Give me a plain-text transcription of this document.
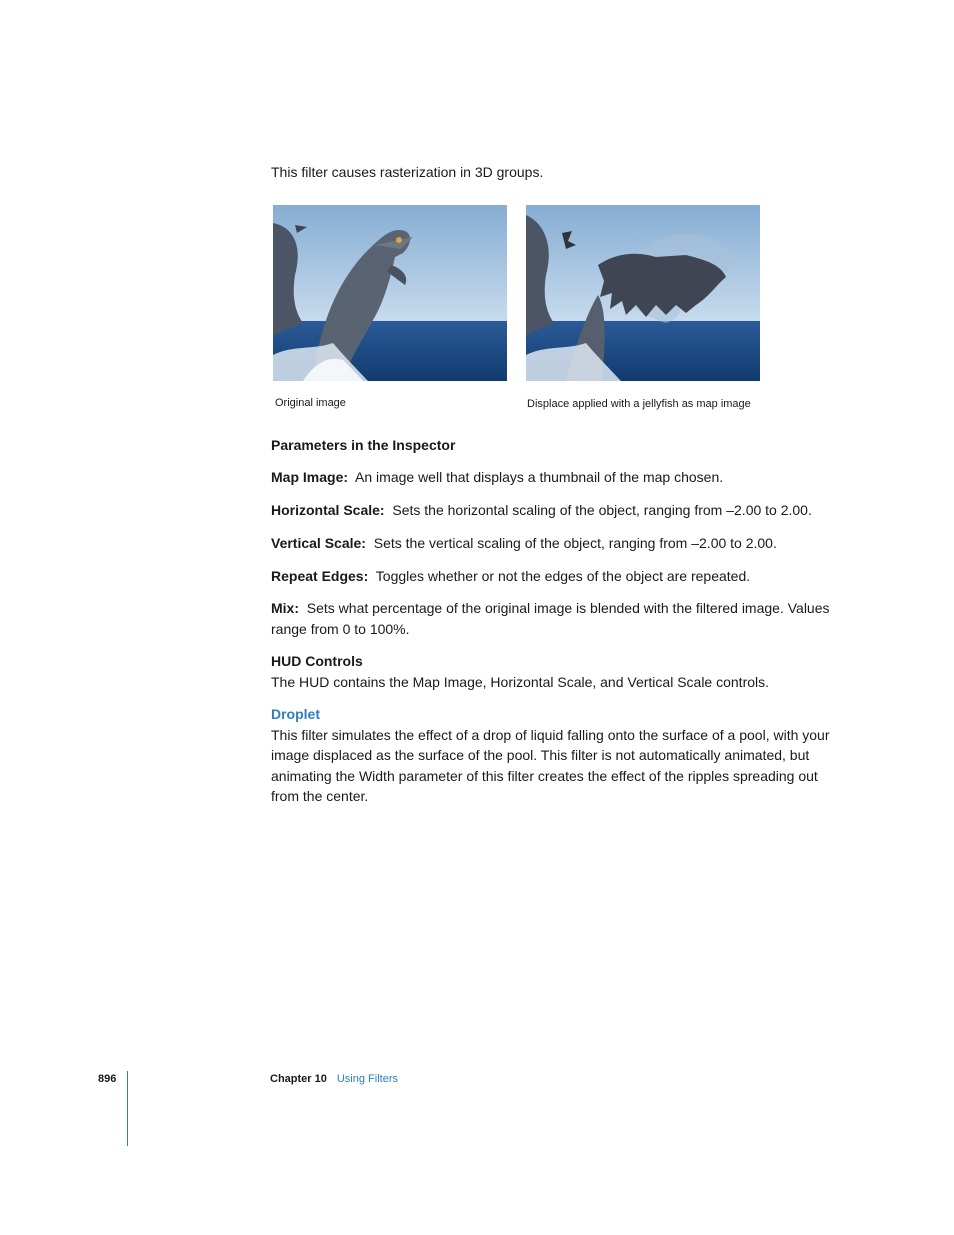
This filter causes rasterization in 3D groups.
Original image	Displace applied with a jellyfish as map image

Parameters in the Inspector

Map Image: An image well that displays a thumbnail of the map chosen.

Horizontal Scale: Sets the horizontal scaling of the object, ranging from –2.00 to 2.00.

Vertical Scale: Sets the vertical scaling of the object, ranging from –2.00 to 2.00.

Repeat Edges: Toggles whether or not the edges of the object are repeated.

Mix: Sets what percentage of the original image is blended with the filtered image. Values range from 0 to 100%.

HUD Controls

The HUD contains the Map Image, Horizontal Scale, and Vertical Scale controls.

Droplet

This filter simulates the effect of a drop of liquid falling onto the surface of a pool, with your image displaced as the surface of the pool. This filter is not automatically animated, but animating the Width parameter of this filter creates the effect of the ripples spreading out from the center.

896	Chapter 10 Using Filters
